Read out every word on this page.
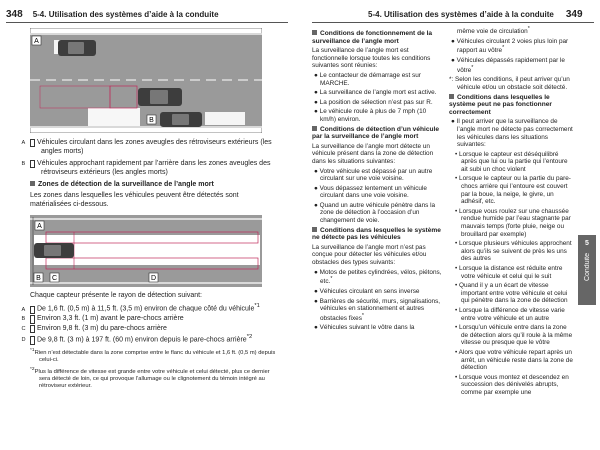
348 5-4. Utilisation des systèmes d’aide à la conduite	5-4. Utilisation des systèmes d’aide à la conduite 349
A
B

A Véhicules circulant dans les zones aveugles des rétroviseurs extérieurs (les angles morts)

B Véhicules approchant rapidement par l’arrière dans les zones aveugles des rétroviseurs extérieurs (les angles morts)

Zones de détection de la surveillance de l’angle mort

Les zones dans lesquelles les véhicules peuvent être détectés sont matérialisées ci-dessous.

A
B C	D

Chaque capteur présente le rayon de détection suivant:

A De 1,6 ft. (0,5 m) à 11,5 ft. (3,5 m) environ de chaque côté du véhicule$^{*1}$

B Environ 3,3 ft. (1 m) avant le pare-chocs arrière

C Environ 9,8 ft. (3 m) du pare-chocs arrière

D De 9,8 ft. (3 m) à 197 ft. (60 m) environ depuis le pare-chocs arrière$^{*2}$

$^{*1}$Rien n’est détectable dans la zone comprise entre le flanc du véhicule et 1,6 ft. (0,5 m) depuis celui-ci.

$^{*2}$Plus la différence de vitesse est grande entre votre véhicule et celui détecté, plus ce dernier sera détecté de loin, ce qui provoque l’allumage ou le clignotement du témoin intégré au rétroviseur extérieur.

Conditions de fonctionnement de la surveillance de l’angle mort

La surveillance de l’angle mort est fonctionnelle lorsque toutes les conditions suivantes sont réunies:

● Le contacteur de démarrage est sur MARCHE.

● La surveillance de l’angle mort est active.

● La position de sélection n’est pas sur R.

● Le véhicule roule à plus de 7 mph (10 km/h) environ.

Conditions de détection d’un véhicule par la surveillance de l’angle mort

La surveillance de l’angle mort détecte un véhicule présent dans la zone de détection dans les situations suivantes:

● Votre véhicule est dépassé par un autre circulant sur une voie voisine.

● Vous dépassez lentement un véhicule circulant dans une voie voisine.

● Quand un autre véhicule pénètre dans la zone de détection à l’occasion d’un changement de voie.

Conditions dans lesquelles le système ne détecte pas les véhicules

La surveillance de l’angle mort n’est pas conçue pour détecter les véhicules et/ou obstacles des types suivants:

● Motos de petites cylindrées, vélos, piétons, etc.*

● Véhicules circulant en sens inverse

● Barrières de sécurité, murs, signalisations, véhicules en stationnement et autres obstacles fixes*

● Véhicules suivant le vôtre dans la

même voie de circulation*

● Véhicules circulant 2 voies plus loin par rapport au vôtre*

● Véhicules dépassés rapidement par le vôtre*

*: Selon les conditions, il peut arriver qu’un véhicule et/ou un obstacle soit détecté.

Conditions dans lesquelles le système peut ne pas fonctionner correctement

● Il peut arriver que la surveillance de l’angle mort ne détecte pas correctement les véhicules dans les situations suivantes:

• Lorsque le capteur est déséquilibré après que lui ou la partie qui l’entoure ait subi un choc violent

• Lorsque le capteur ou la partie du pare-chocs arrière qui l’entoure est couvert par la boue, la neige, le givre, un adhésif, etc.

• Lorsque vous roulez sur une chaussée rendue humide par l’eau stagnante par mauvais temps (forte pluie, neige ou brouillard par exemple)

• Lorsque plusieurs véhicules approchent alors qu’ils se suivent de près les uns des autres

• Lorsque la distance est réduite entre votre véhicule et celui qui le suit

• Quand il y a un écart de vitesse important entre votre véhicule et celui qui pénètre dans la zone de détection

• Lorsque la différence de vitesse varie entre votre véhicule et un autre

• Lorsqu’un véhicule entre dans la zone de détection alors qu’il roule à la même vitesse ou presque que le vôtre

• Alors que votre véhicule repart après un arrêt, un véhicule reste dans la zone de détection

• Lorsque vous montez et descendez en succession des dénivelés abrupts, comme par exemple une

5
Conduite
